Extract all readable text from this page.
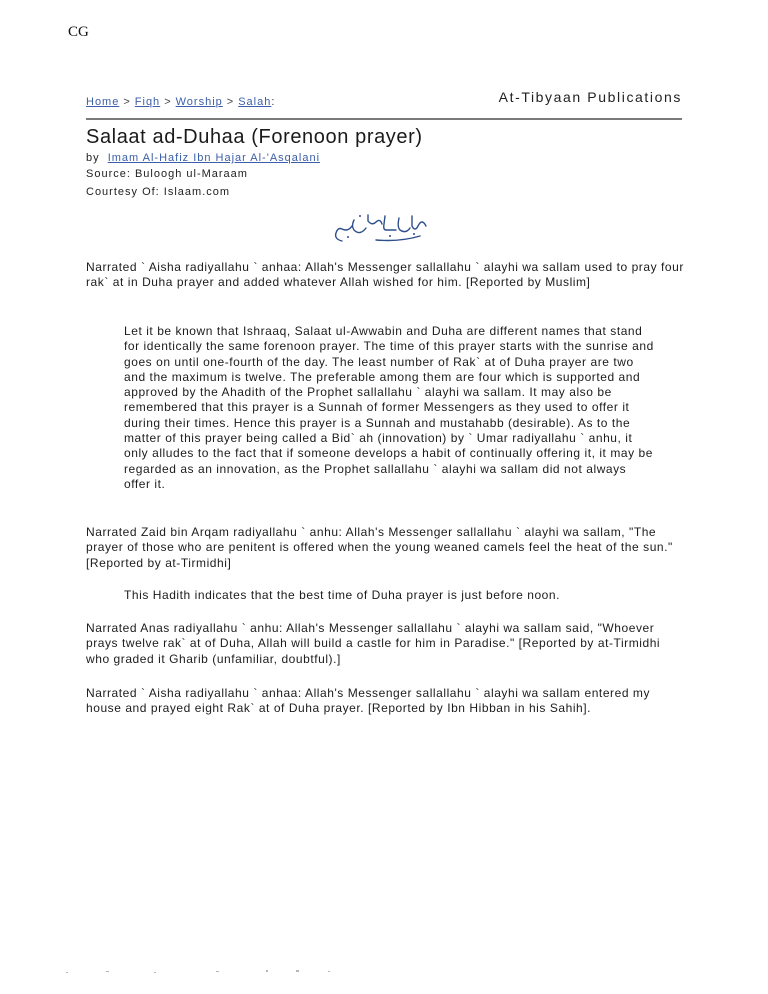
CG
Home > Fiqh > Worship > Salah:	At-Tibyaan Publications
Salaat ad-Duhaa (Forenoon prayer)
by Imam Al-Hafiz Ibn Hajar Al-'Asqalani
Source: Buloogh ul-Maraam
Courtesy Of: Islaam.com
بسم الله الرحمن الرحيم

Narrated ` Aisha radiyallahu ` anhaa: Allah's Messenger sallallahu ` alayhi wa sallam used to pray four rak` at in Duha prayer and added whatever Allah wished for him. [Reported by Muslim]

Let it be known that Ishraaq, Salaat ul-Awwabin and Duha are different names that stand for identically the same forenoon prayer. The time of this prayer starts with the sunrise and goes on until one-fourth of the day. The least number of Rak` at of Duha prayer are two and the maximum is twelve. The preferable among them are four which is supported and approved by the Ahadith of the Prophet sallallahu ` alayhi wa sallam. It may also be remembered that this prayer is a Sunnah of former Messengers as they used to offer it during their times. Hence this prayer is a Sunnah and mustahabb (desirable). As to the matter of this prayer being called a Bid` ah (innovation) by ` Umar radiyallahu ` anhu, it only alludes to the fact that if someone develops a habit of continually offering it, it may be regarded as an innovation, as the Prophet sallallahu ` alayhi wa sallam did not always offer it.

Narrated Zaid bin Arqam radiyallahu ` anhu: Allah's Messenger sallallahu ` alayhi wa sallam, "The prayer of those who are penitent is offered when the young weaned camels feel the heat of the sun." [Reported by at-Tirmidhi]

This Hadith indicates that the best time of Duha prayer is just before noon.

Narrated Anas radiyallahu ` anhu: Allah's Messenger sallallahu ` alayhi wa sallam said, "Whoever prays twelve rak` at of Duha, Allah will build a castle for him in Paradise." [Reported by at-Tirmidhi who graded it Gharib (unfamiliar, doubtful).]

Narrated ` Aisha radiyallahu ` anhaa: Allah's Messenger sallallahu ` alayhi wa sallam entered my house and prayed eight Rak` at of Duha prayer. [Reported by Ibn Hibban in his Sahih].
